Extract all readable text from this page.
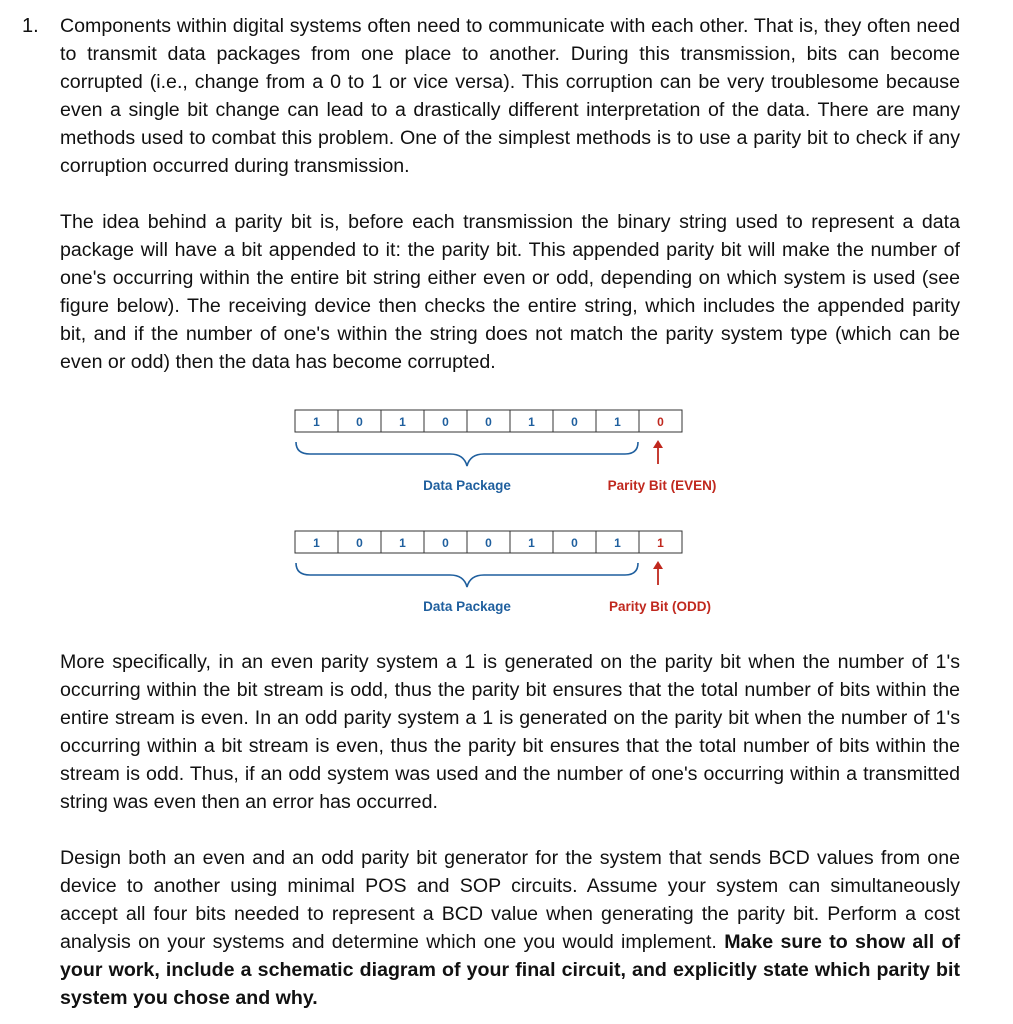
1. Components within digital systems often need to communicate with each other. That is, they often need to transmit data packages from one place to another. During this transmission, bits can become corrupted (i.e., change from a 0 to 1 or vice versa). This corruption can be very troublesome because even a single bit change can lead to a drastically different interpretation of the data. There are many methods used to combat this problem. One of the simplest methods is to use a parity bit to check if any corruption occurred during transmission.

The idea behind a parity bit is, before each transmission the binary string used to represent a data package will have a bit appended to it: the parity bit. This appended parity bit will make the number of one's occurring within the entire bit string either even or odd, depending on which system is used (see figure below). The receiving device then checks the entire string, which includes the appended parity bit, and if the number of one's within the string does not match the parity system type (which can be even or odd) then the data has become corrupted.

1	0	1	0	0	1	0	1	0
Data Package	Parity Bit (EVEN)
1	0	1	0	0	1	0	1	1
Data Package	Parity Bit (ODD)

More specifically, in an even parity system a 1 is generated on the parity bit when the number of 1's occurring within the bit stream is odd, thus the parity bit ensures that the total number of bits within the entire stream is even. In an odd parity system a 1 is generated on the parity bit when the number of 1's occurring within a bit stream is even, thus the parity bit ensures that the total number of bits within the stream is odd. Thus, if an odd system was used and the number of one's occurring within a transmitted string was even then an error has occurred.

Design both an even and an odd parity bit generator for the system that sends BCD values from one device to another using minimal POS and SOP circuits. Assume your system can simultaneously accept all four bits needed to represent a BCD value when generating the parity bit. Perform a cost analysis on your systems and determine which one you would implement. Make sure to show all of your work, include a schematic diagram of your final circuit, and explicitly state which parity bit system you chose and why.
